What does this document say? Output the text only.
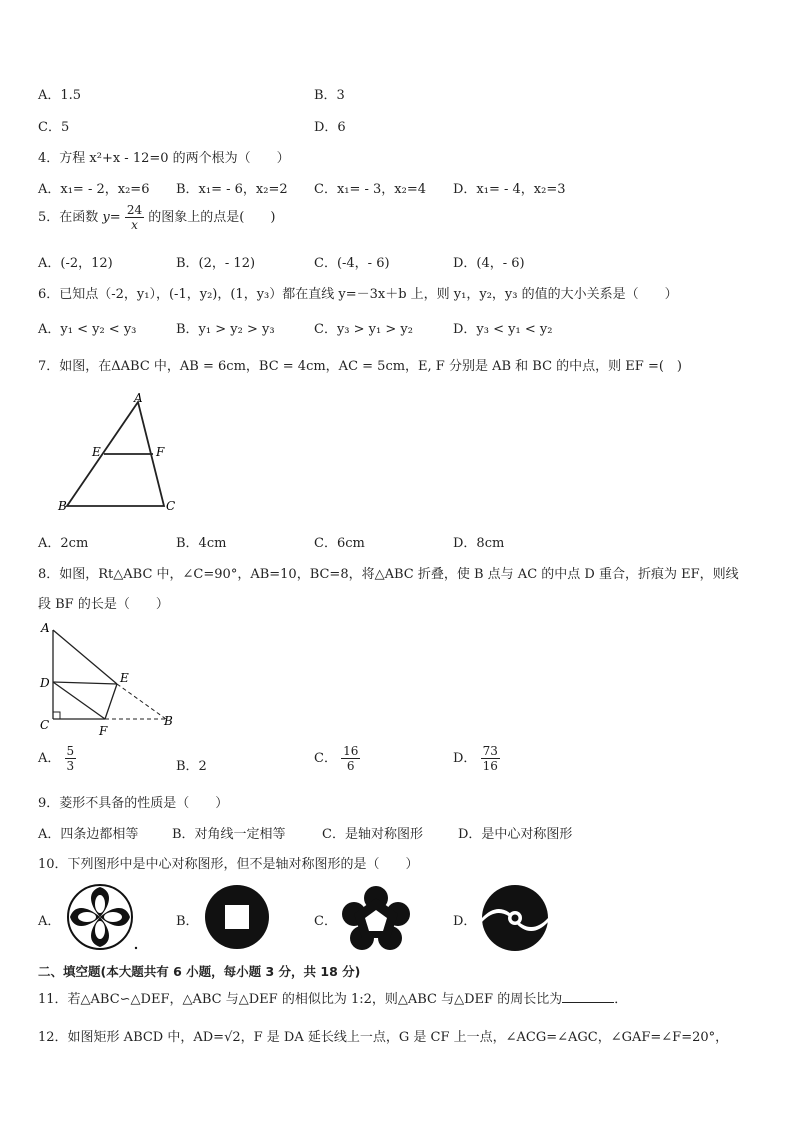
A．1.5	B．3
C．5	D．6
4．方程 x²+x - 12=0 的两个根为（　　）
A．x₁= - 2，x₂=6 B．x₁= - 6，x₂=2 C．x₁= - 3，x₂=4 D．x₁= - 4，x₂=3
5．在函数 $y= \frac{24}{x}$ 的图象上的点是(　　)
A．(-2，12)	B．(2，- 12)	C．(-4，- 6)	D．(4，- 6)
6．已知点（-2，y₁），(-1，y₂)，(1，y₃）都在直线 y=－3x＋b 上，则 y₁，y₂，y₃ 的值的大小关系是（　　）
A．y₁ < y₂ < y₃	B．y₁ > y₂ > y₃	C．y₃ > y₁ > y₂	D．y₃ < y₁ < y₂
7．如图，在ΔABC 中，AB = 6cm，BC = 4cm，AC = 5cm，E, F 分别是 AB 和 BC 的中点，则 EF =(　)
A
E	F
B	C
A．2cm	B．4cm	C．6cm	D．8cm
8．如图，Rt△ABC 中，∠C=90°，AB=10，BC=8，将△ABC 折叠，使 B 点与 AC 的中点 D 重合，折痕为 EF，则线
段 BF 的长是（　　）
A
D
C
E
F
B
A． $\frac{5}{3}$	B．2
C． $\frac{16}{6}$	D． $\frac{73}{16}$
9．菱形不具备的性质是（　　）
A．四条边都相等	B．对角线一定相等	C．是轴对称图形	D．是中心对称图形
10．下列图形中是中心对称图形，但不是轴对称图形的是（　　）
A．	B．	C．	D．
二、填空题(本大题共有 6 小题，每小题 3 分，共 18 分)
11．若△ABC∽△DEF，△ABC 与△DEF 的相似比为 1:2，则△ABC 与△DEF 的周长比为	．
12．如图矩形 ABCD 中，AD=√2，F 是 DA 延长线上一点，G 是 CF 上一点，∠ACG=∠AGC，∠GAF=∠F=20°，
